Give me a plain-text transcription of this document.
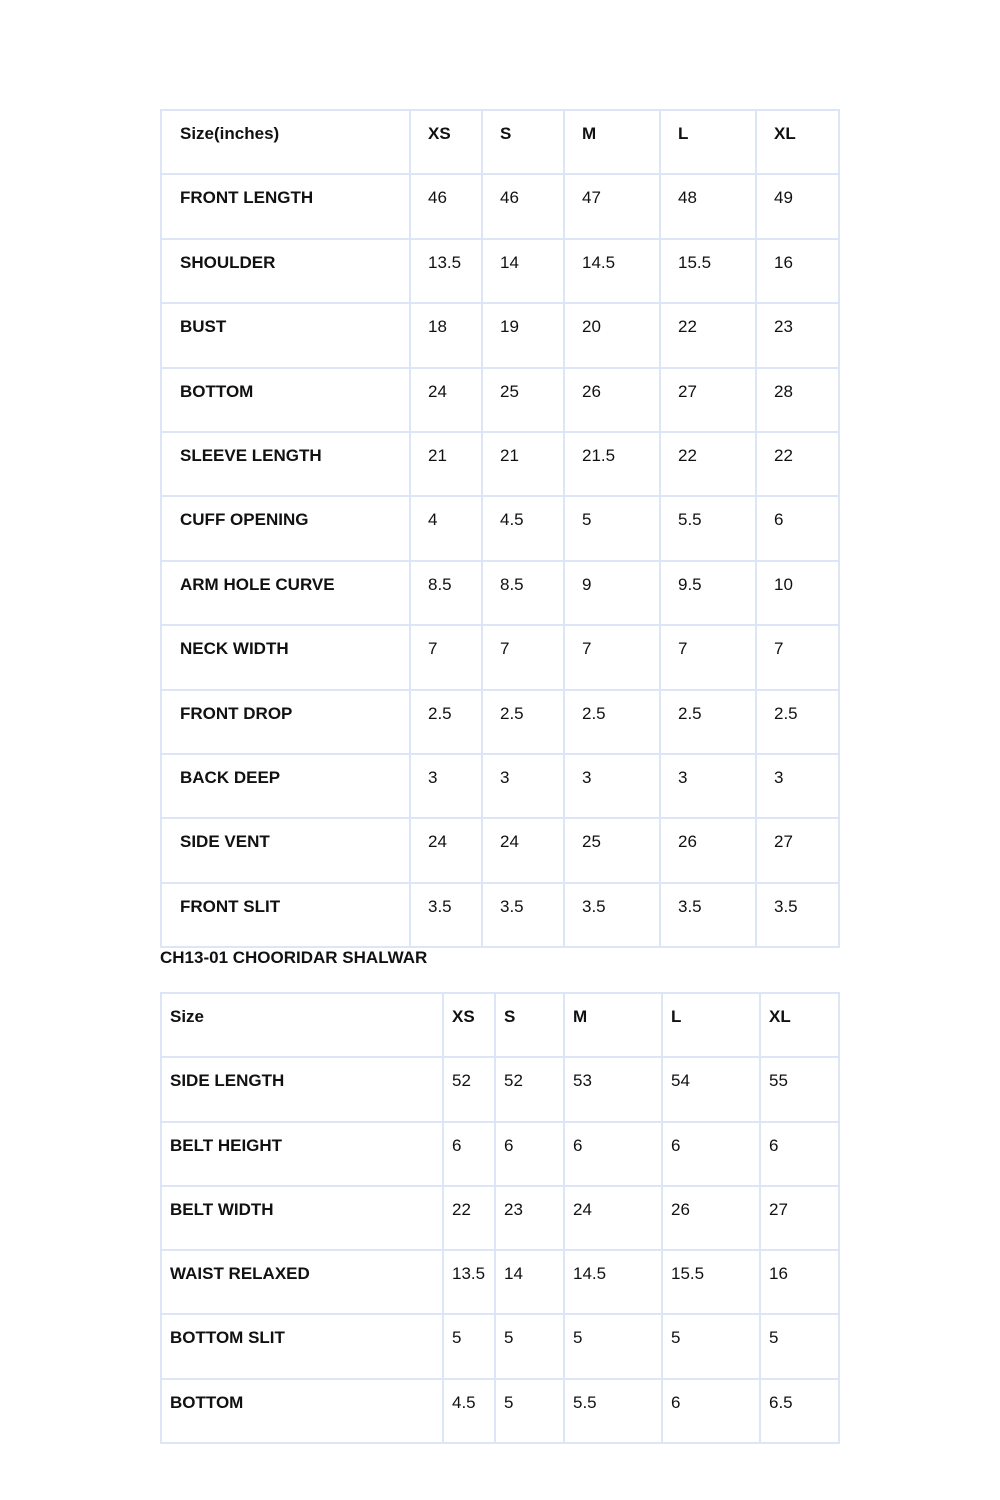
Size(inches)	XS	S	M	L	XL

FRONT LENGTH	46	46	47	48	49

SHOULDER	13.5	14	14.5	15.5	16

BUST	18	19	20	22	23

BOTTOM	24	25	26	27	28

SLEEVE LENGTH	21	21	21.5	22	22

CUFF OPENING	4	4.5	5	5.5	6

ARM HOLE CURVE	8.5	8.5	9	9.5	10

NECK WIDTH	7	7	7	7	7

FRONT DROP	2.5	2.5	2.5	2.5	2.5

BACK DEEP	3	3	3	3	3

SIDE VENT	24	24	25	26	27

FRONT SLIT	3.5	3.5	3.5	3.5	3.5
CH13-01 CHOORIDAR SHALWAR
Size	XS	S	M	L	XL

SIDE LENGTH	52	52	53	54	55

BELT HEIGHT	6	6	6	6	6

BELT WIDTH	22	23	24	26	27

WAIST RELAXED	13.5	14	14.5	15.5	16

BOTTOM SLIT	5	5	5	5	5

BOTTOM	4.5	5	5.5	6	6.5
